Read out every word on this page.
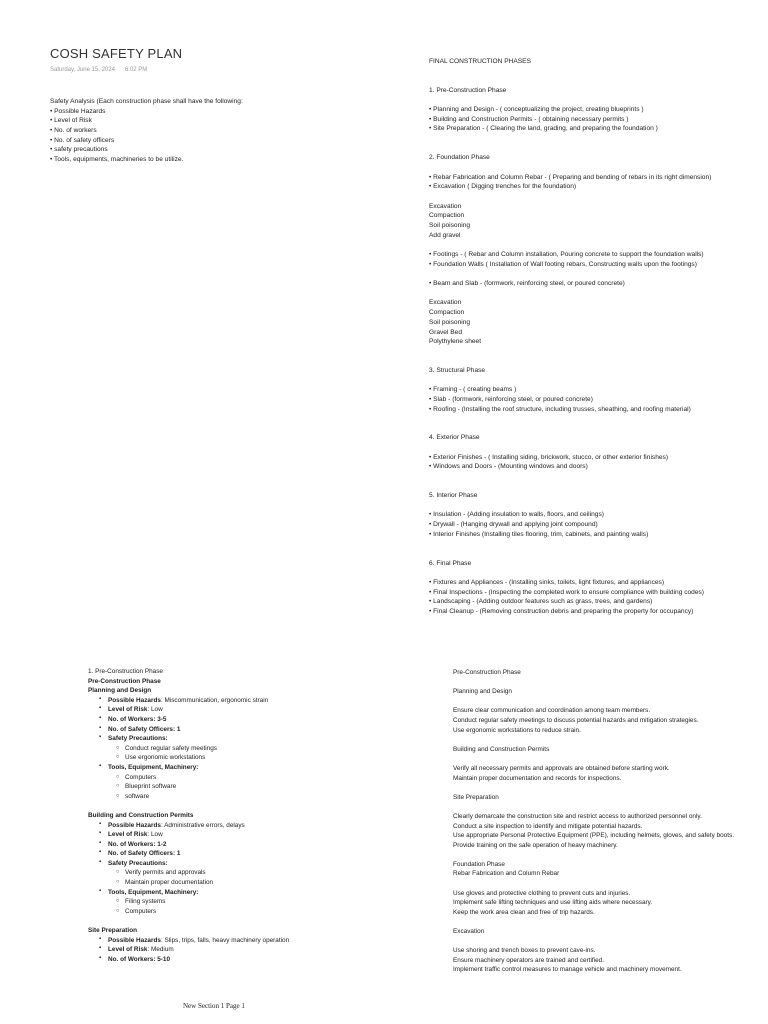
COSH SAFETY PLAN
Saturday, June 15, 2024 6:02 PM
Safety Analysis (Each construction phase shall have the following:
• Possible Hazards
• Level of Risk
• No. of workers
• No. of safety officers
• safety precautions
• Tools, equipments, machineries to be utilize.
FINAL CONSTRUCTION PHASES
1. Pre-Construction Phase
• Planning and Design - ( conceptualizing the project, creating blueprints )
• Building and Construction Permits - ( obtaining necessary permits )
• Site Preparation - ( Clearing the land, grading, and preparing the foundation )
2. Foundation Phase
• Rebar Fabrication and Column Rebar - ( Preparing and bending of rebars in its right dimension)
• Excavation ( Digging trenches for the foundation)
Excavation
Compaction
Soil poisoning
Add gravel
• Footings - ( Rebar and Column installation, Pouring concrete to support the foundation walls)
• Foundation Walls ( Installation of Wall footing rebars, Constructing walls upon the footings)
• Beam and Slab - (formwork, reinforcing steel, or poured concrete)
Excavation
Compaction
Soil poisoning
Gravel Bed
Polythylene sheet
3. Structural Phase
• Framing - ( creating beams )
• Slab - (formwork, reinforcing steel, or poured concrete)
• Roofing - (Installing the roof structure, including trusses, sheathing, and roofing material)
4. Exterior Phase
• Exterior Finishes - ( Installing siding, brickwork, stucco, or other exterior finishes)
• Windows and Doors - (Mounting windows and doors)
5. Interior Phase
• Insulation - (Adding insulation to walls, floors, and ceilings)
• Drywall - (Hanging drywall and applying joint compound)
• Interior Finishes (Installing tiles flooring, trim, cabinets, and painting walls)
6. Final Phase
• Fixtures and Appliances - (Installing sinks, toilets, light fixtures, and appliances)
• Final Inspections - (Inspecting the completed work to ensure compliance with building codes)
• Landscaping - (Adding outdoor features such as grass, trees, and gardens)
• Final Cleanup - (Removing construction debris and preparing the property for occupancy)
1. Pre-Construction Phase
Pre-Construction Phase
Planning and Design
▪ Possible Hazards: Miscommunication, ergonomic strain
▪ Level of Risk: Low
▪ No. of Workers: 3-5
▪ No. of Safety Officers: 1
▪ Safety Precautions:
○ Conduct regular safety meetings
○ Use ergonomic workstations
▪ Tools, Equipment, Machinery:
○ Computers
○ Blueprint software
○ software
Building and Construction Permits
▪ Possible Hazards: Administrative errors, delays
▪ Level of Risk: Low
▪ No. of Workers: 1-2
▪ No. of Safety Officers: 1
▪ Safety Precautions:
○ Verify permits and approvals
○ Maintain proper documentation
▪ Tools, Equipment, Machinery:
○ Filing systems
○ Computers
Site Preparation
▪ Possible Hazards: Slips, trips, falls, heavy machinery operation
▪ Level of Risk: Medium
▪ No. of Workers: 5-10
Pre-Construction Phase
Planning and Design
Ensure clear communication and coordination among team members.
Conduct regular safety meetings to discuss potential hazards and mitigation strategies.
Use ergonomic workstations to reduce strain.
Building and Construction Permits
Verify all necessary permits and approvals are obtained before starting work.
Maintain proper documentation and records for inspections.
Site Preparation
Clearly demarcate the construction site and restrict access to authorized personnel only.
Conduct a site inspection to identify and mitigate potential hazards.
Use appropriate Personal Protective Equipment (PPE), including helmets, gloves, and safety boots.
Provide training on the safe operation of heavy machinery.
Foundation Phase
Rebar Fabrication and Column Rebar
Use gloves and protective clothing to prevent cuts and injuries.
Implement safe lifting techniques and use lifting aids where necessary.
Keep the work area clean and free of trip hazards.
Excavation
Use shoring and trench boxes to prevent cave-ins.
Ensure machinery operators are trained and certified.
Implement traffic control measures to manage vehicle and machinery movement.
New Section 1 Page 1
